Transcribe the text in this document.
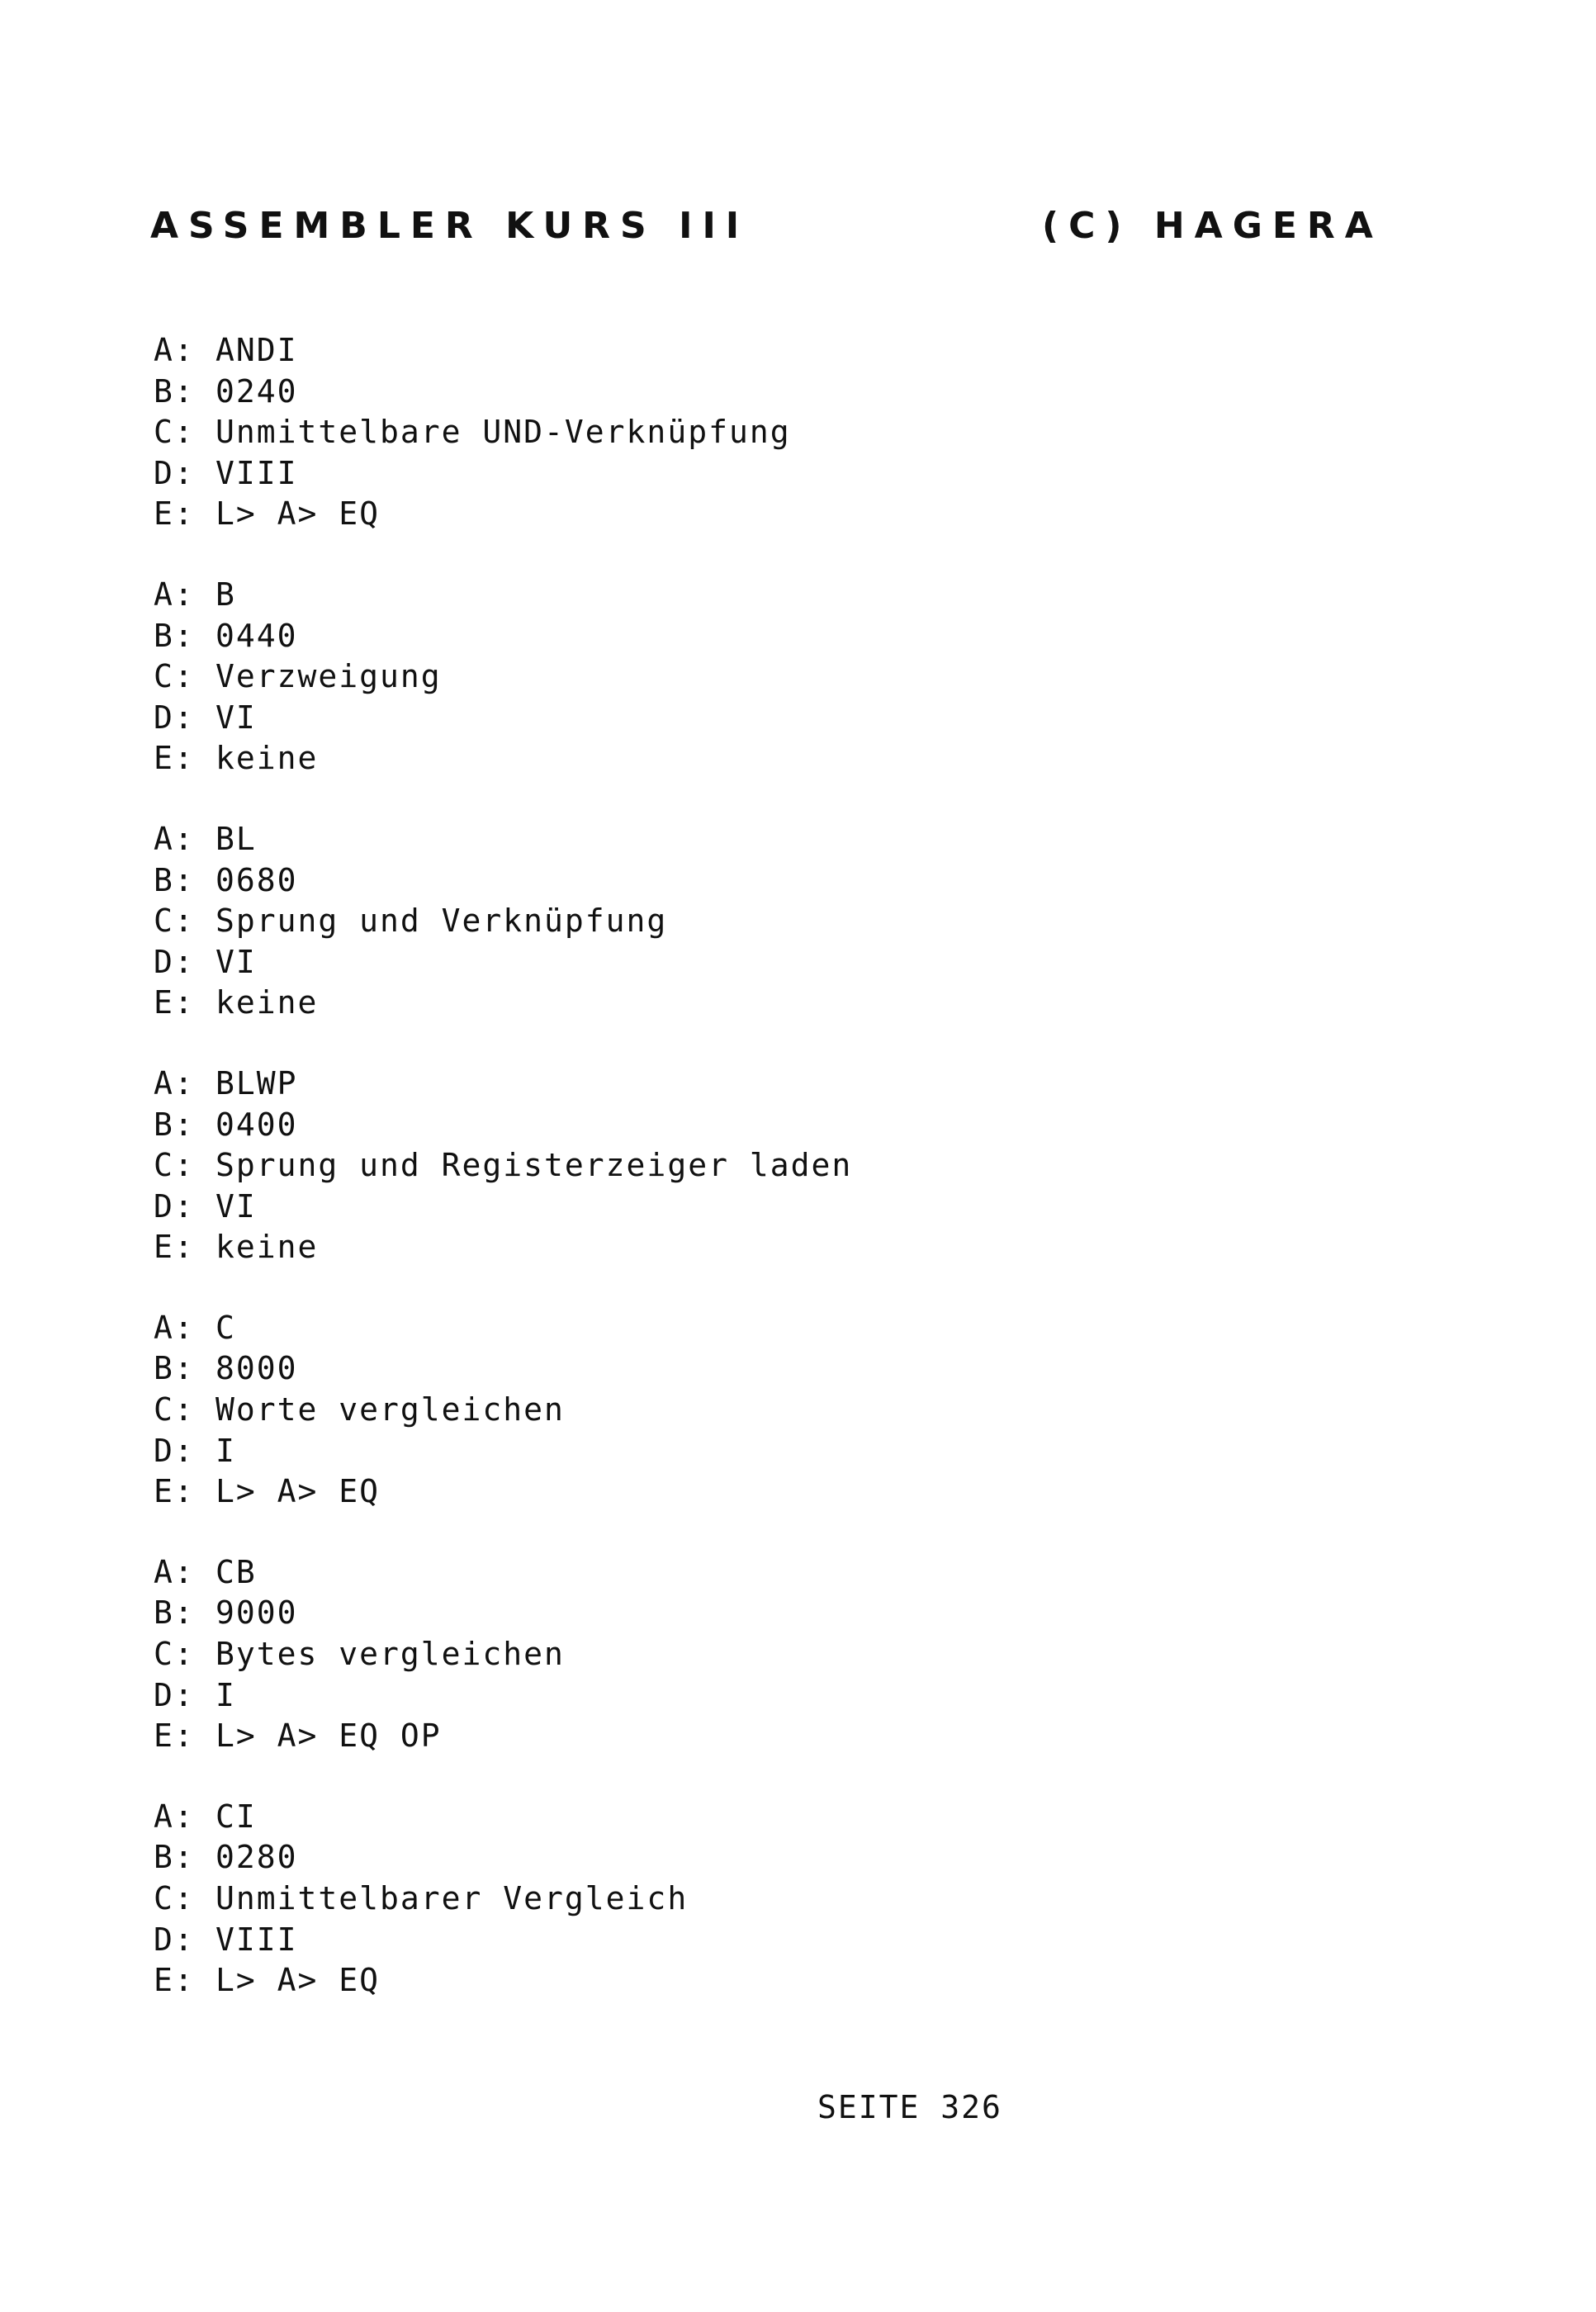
ASSEMBLER KURS III	(C) HAGERA
A: ANDI
B: 0240
C: Unmittelbare UND-Verknüpfung
D: VIII
E: L> A> EQ
A: B
B: 0440
C: Verzweigung
D: VI
E: keine
A: BL
B: 0680
C: Sprung und Verknüpfung
D: VI
E: keine
A: BLWP
B: 0400
C: Sprung und Registerzeiger laden
D: VI
E: keine
A: C
B: 8000
C: Worte vergleichen
D: I
E: L> A> EQ
A: CB
B: 9000
C: Bytes vergleichen
D: I
E: L> A> EQ OP
A: CI
B: 0280
C: Unmittelbarer Vergleich
D: VIII
E: L> A> EQ
SEITE 326
